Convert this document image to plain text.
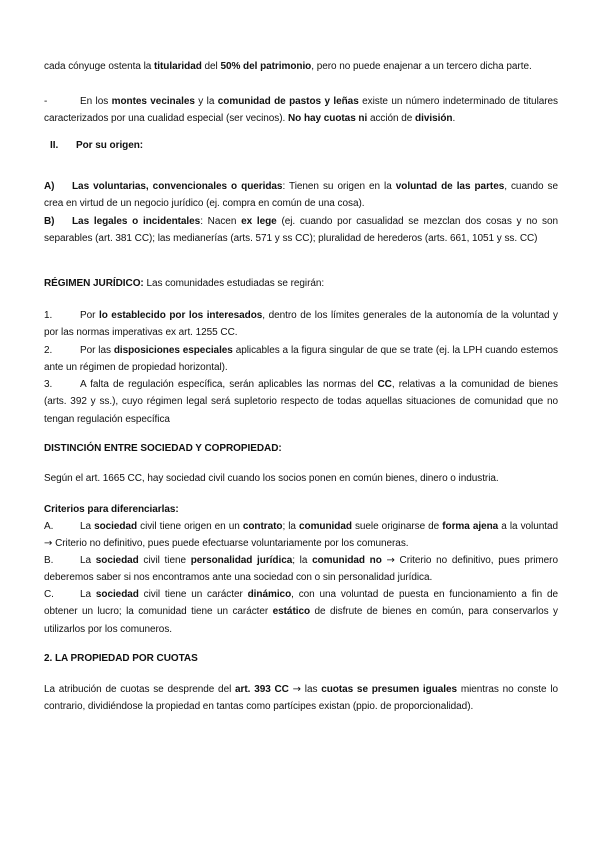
cada cónyuge ostenta la titularidad del 50% del patrimonio, pero no puede enajenar a un tercero dicha parte.

-	En los montes vecinales y la comunidad de pastos y leñas existe un número indeterminado de titulares caracterizados por una cualidad especial (ser vecinos). No hay cuotas ni acción de división.

II. Por su origen:

A) Las voluntarias, convencionales o queridas: Tienen su origen en la voluntad de las partes, cuando se crea en virtud de un negocio jurídico (ej. compra en común de una cosa).

B) Las legales o incidentales: Nacen ex lege (ej. cuando por casualidad se mezclan dos cosas y no son separables (art. 381 CC); las medianerías (arts. 571 y ss CC); pluralidad de herederos (arts. 661, 1051 y ss. CC)

RÉGIMEN JURÍDICO: Las comunidades estudiadas se regirán:

1.	Por lo establecido por los interesados, dentro de los límites generales de la autonomía de la voluntad y por las normas imperativas ex art. 1255 CC.

2.	Por las disposiciones especiales aplicables a la figura singular de que se trate (ej. la LPH cuando estemos ante un régimen de propiedad horizontal).

3.	A falta de regulación específica, serán aplicables las normas del CC, relativas a la comunidad de bienes (arts. 392 y ss.), cuyo régimen legal será supletorio respecto de todas aquellas situaciones de comunidad que no tengan regulación específica

DISTINCIÓN ENTRE SOCIEDAD Y COPROPIEDAD:

Según el art. 1665 CC, hay sociedad civil cuando los socios ponen en común bienes, dinero o industria.

Criterios para diferenciarlas:

A.	La sociedad civil tiene origen en un contrato; la comunidad suele originarse de forma ajena a la voluntad → Criterio no definitivo, pues puede efectuarse voluntariamente por los comuneras.

B.	La sociedad civil tiene personalidad jurídica; la comunidad no → Criterio no definitivo, pues primero deberemos saber si nos encontramos ante una sociedad con o sin personalidad jurídica.

C.	La sociedad civil tiene un carácter dinámico, con una voluntad de puesta en funcionamiento a fin de obtener un lucro; la comunidad tiene un carácter estático de disfrute de bienes en común, para conservarlos y utilizarlos por los comuneros.

2. LA PROPIEDAD POR CUOTAS

La atribución de cuotas se desprende del art. 393 CC → las cuotas se presumen iguales mientras no conste lo contrario, dividiéndose la propiedad en tantas como partícipes existan (ppio. de proporcionalidad).
